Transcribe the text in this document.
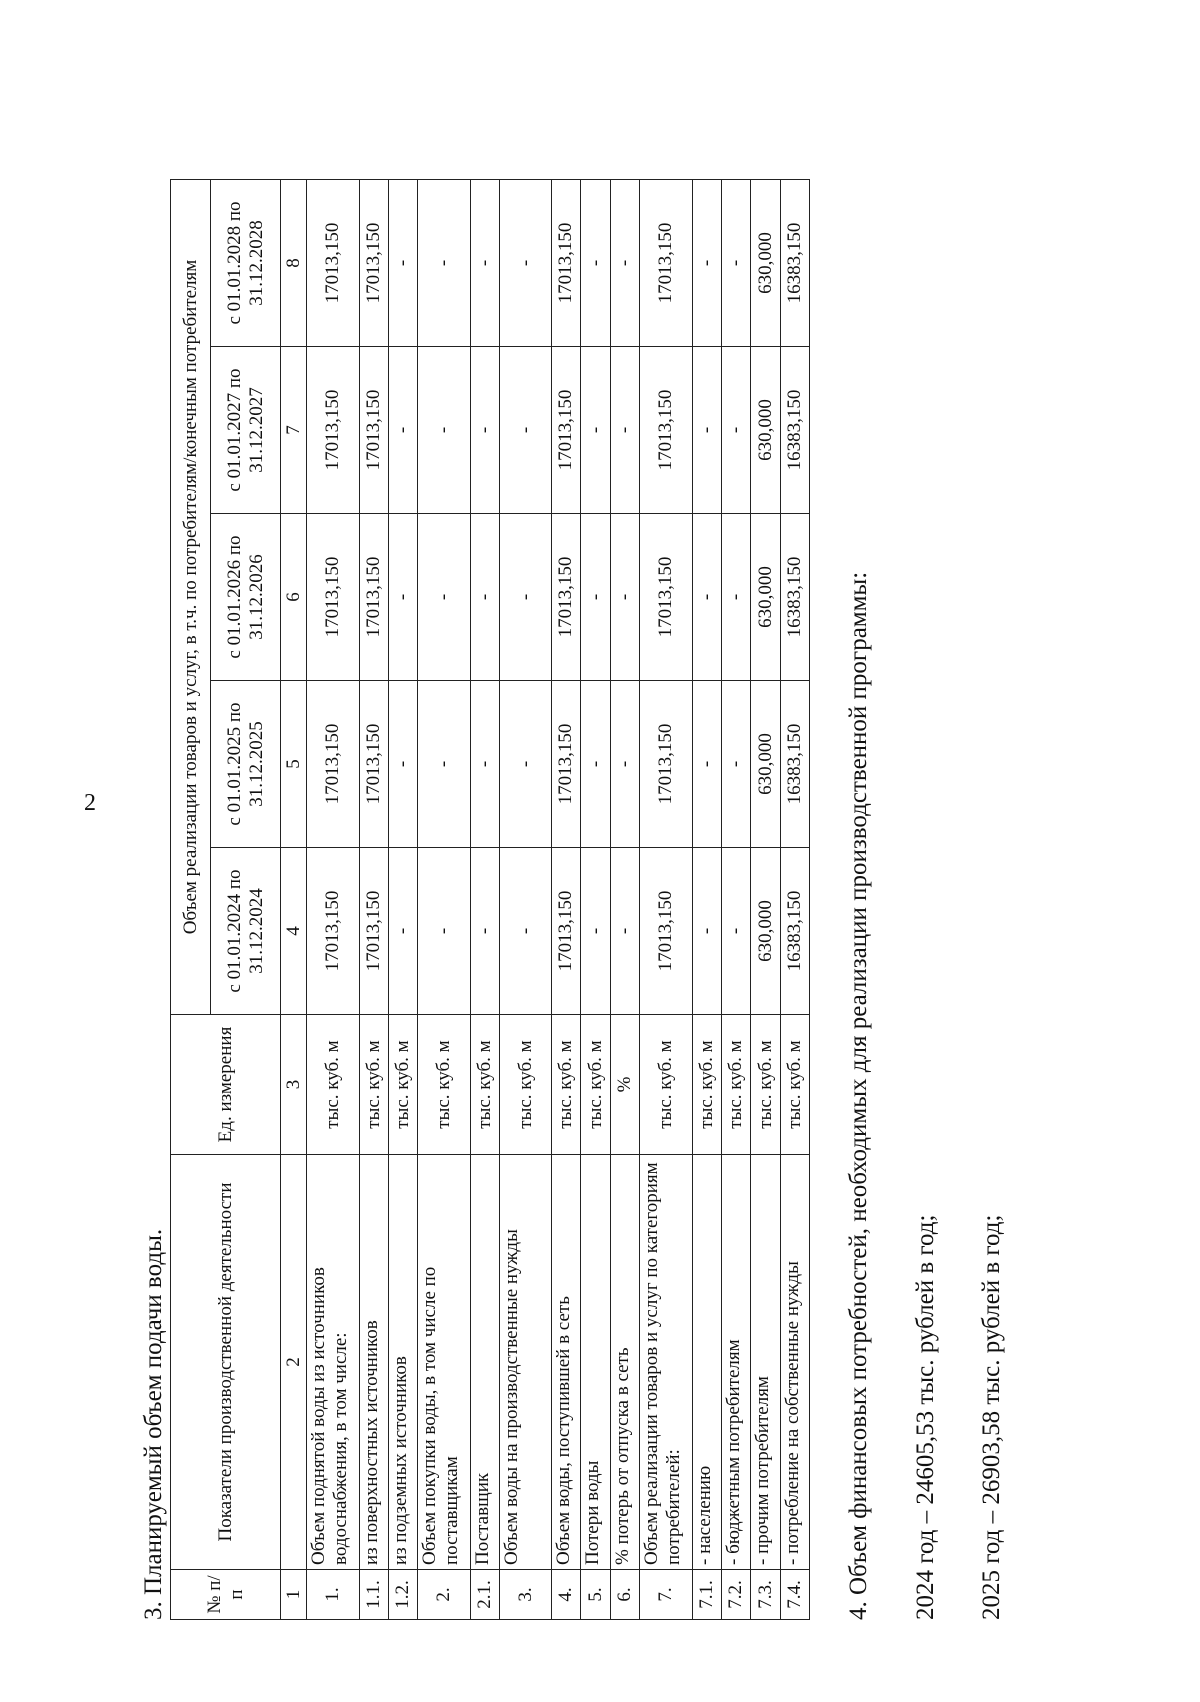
2
3. Планируемый объем подачи воды. № п/п	Показатели производственной деятельности	Ед. измерения	Объем реализации товаров и услуг, в т.ч. по потребителям/конечным потребителям				
			с 01.01.2024 по 31.12.2024	с 01.01.2025 по 31.12.2025	с 01.01.2026 по 31.12.2026	с 01.01.2027 по 31.12.2027	с 01.01.2028 по 31.12.2028
1	2	3	4	5	6	7	8
1.	Объем поднятой воды из источников водоснабжения, в том числе:	тыс. куб. м	17013,150	17013,150	17013,150	17013,150	17013,150
1.1.	из поверхностных источников	тыс. куб. м	17013,150	17013,150	17013,150	17013,150	17013,150
1.2.	из подземных источников	тыс. куб. м	-	-	-	-	-
2.	Объем покупки воды, в том числе по поставщикам	тыс. куб. м	-	-	-	-	-
2.1.	Поставщик	тыс. куб. м	-	-	-	-	-
3.	Объем воды на производственные нужды	тыс. куб. м	-	-	-	-	-
4.	Объем воды, поступившей в сеть	тыс. куб. м	17013,150	17013,150	17013,150	17013,150	17013,150
5.	Потери воды	тыс. куб. м	-	-	-	-	-
6.	% потерь от отпуска в сеть	%	-	-	-	-	-
7.	Объем реализации товаров и услуг по категориям потребителей:	тыс. куб. м	17013,150	17013,150	17013,150	17013,150	17013,150
7.1.	- населению	тыс. куб. м	-	-	-	-	-
7.2.	- бюджетным потребителям	тыс. куб. м	-	-	-	-	-
7.3.	- прочим потребителям	тыс. куб. м	630,000	630,000	630,000	630,000	630,000
7.4.	- потребление на собственные нужды	тыс. куб. м	16383,150	16383,150	16383,150	16383,150	16383,150
4. Объем финансовых потребностей, необходимых для реализации производственной программы: 2024 год – 24605,53 тыс. рублей в год; 2025 год – 26903,58 тыс. рублей в год;
